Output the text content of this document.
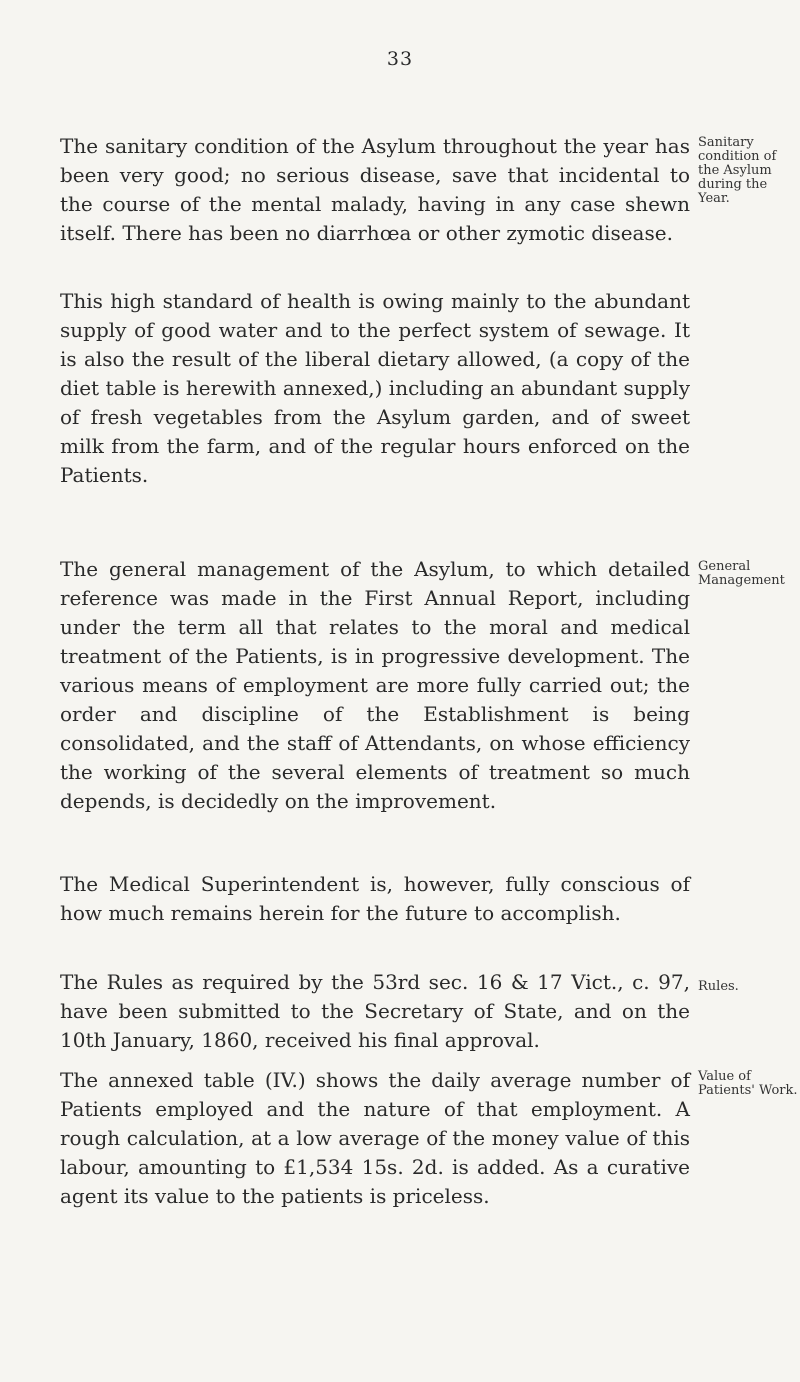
33

The sanitary condition of the Asylum throughout the year has been very good; no serious disease, save that incidental to the course of the mental malady, having in any case shewn itself. There has been no diarrhœa or other zymotic disease.

Sanitary condition of the Asylum during the Year.

This high standard of health is owing mainly to the abundant supply of good water and to the perfect system of sewage. It is also the result of the liberal dietary allowed, (a copy of the diet table is herewith annexed,) including an abundant supply of fresh vegetables from the Asylum garden, and of sweet milk from the farm, and of the regular hours enforced on the Patients.

The general management of the Asylum, to which detailed reference was made in the First Annual Report, including under the term all that relates to the moral and medical treatment of the Patients, is in progressive development. The various means of employment are more fully carried out; the order and discipline of the Establishment is being consolidated, and the staff of Attendants, on whose efficiency the working of the several elements of treatment so much depends, is decidedly on the improvement.

General Management

The Medical Superintendent is, however, fully conscious of how much remains herein for the future to accomplish.

The Rules as required by the 53rd sec. 16 & 17 Vict., c. 97, have been submitted to the Secretary of State, and on the 10th January, 1860, received his final approval.

Rules.

The annexed table (IV.) shows the daily average number of Patients employed and the nature of that employment. A rough calculation, at a low average of the money value of this labour, amounting to £1,534 15s. 2d. is added. As a curative agent its value to the patients is priceless.

Value of Patients' Work.
